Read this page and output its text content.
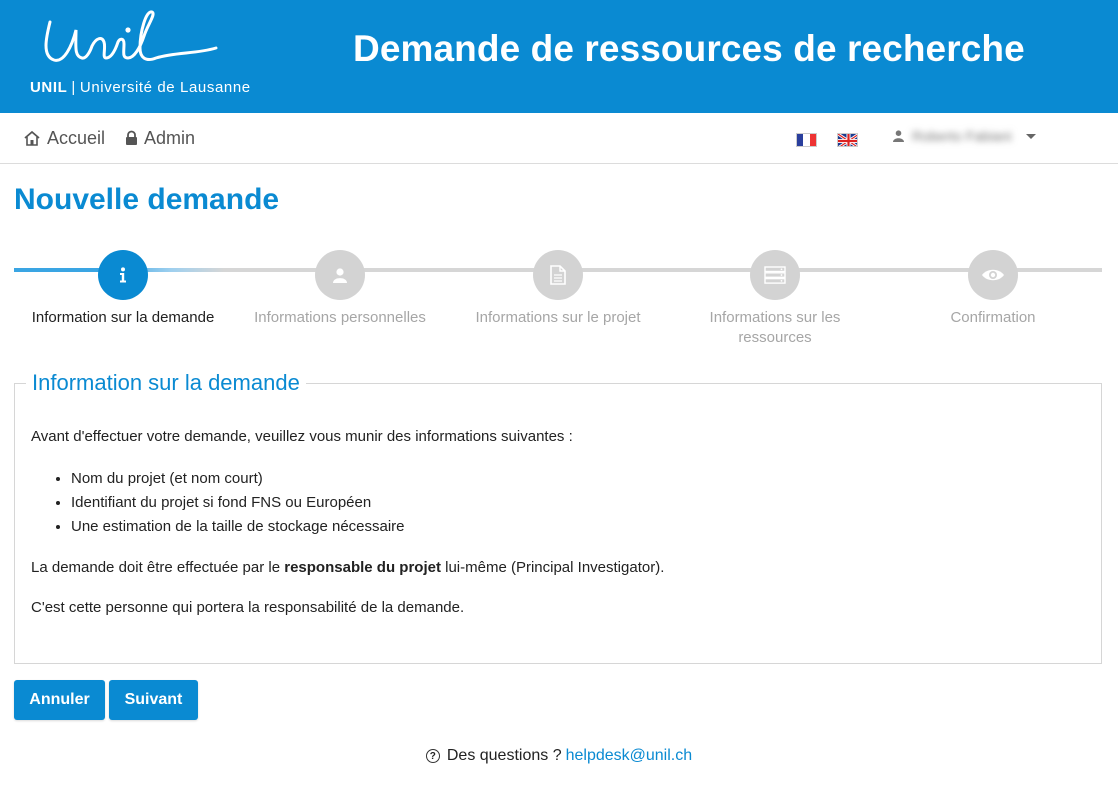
Unil
UNIL | Université de Lausanne
Demande de ressources de recherche
Accueil Admin	Roberto Fabiani
Nouvelle demande
Information sur la demande	Informations personnelles	Informations sur le projet	Informations sur les ressources
Confirmation
Information sur la demande

Avant d'effectuer votre demande, veuillez vous munir des informations suivantes :

• Nom du projet (et nom court)
• Identifiant du projet si fond FNS ou Européen
• Une estimation de la taille de stockage nécessaire

La demande doit être effectuée par le responsable du projet lui-même (Principal Investigator).

C'est cette personne qui portera la responsabilité de la demande.

Annuler	Suivant
? Des questions ? helpdesk@unil.ch
